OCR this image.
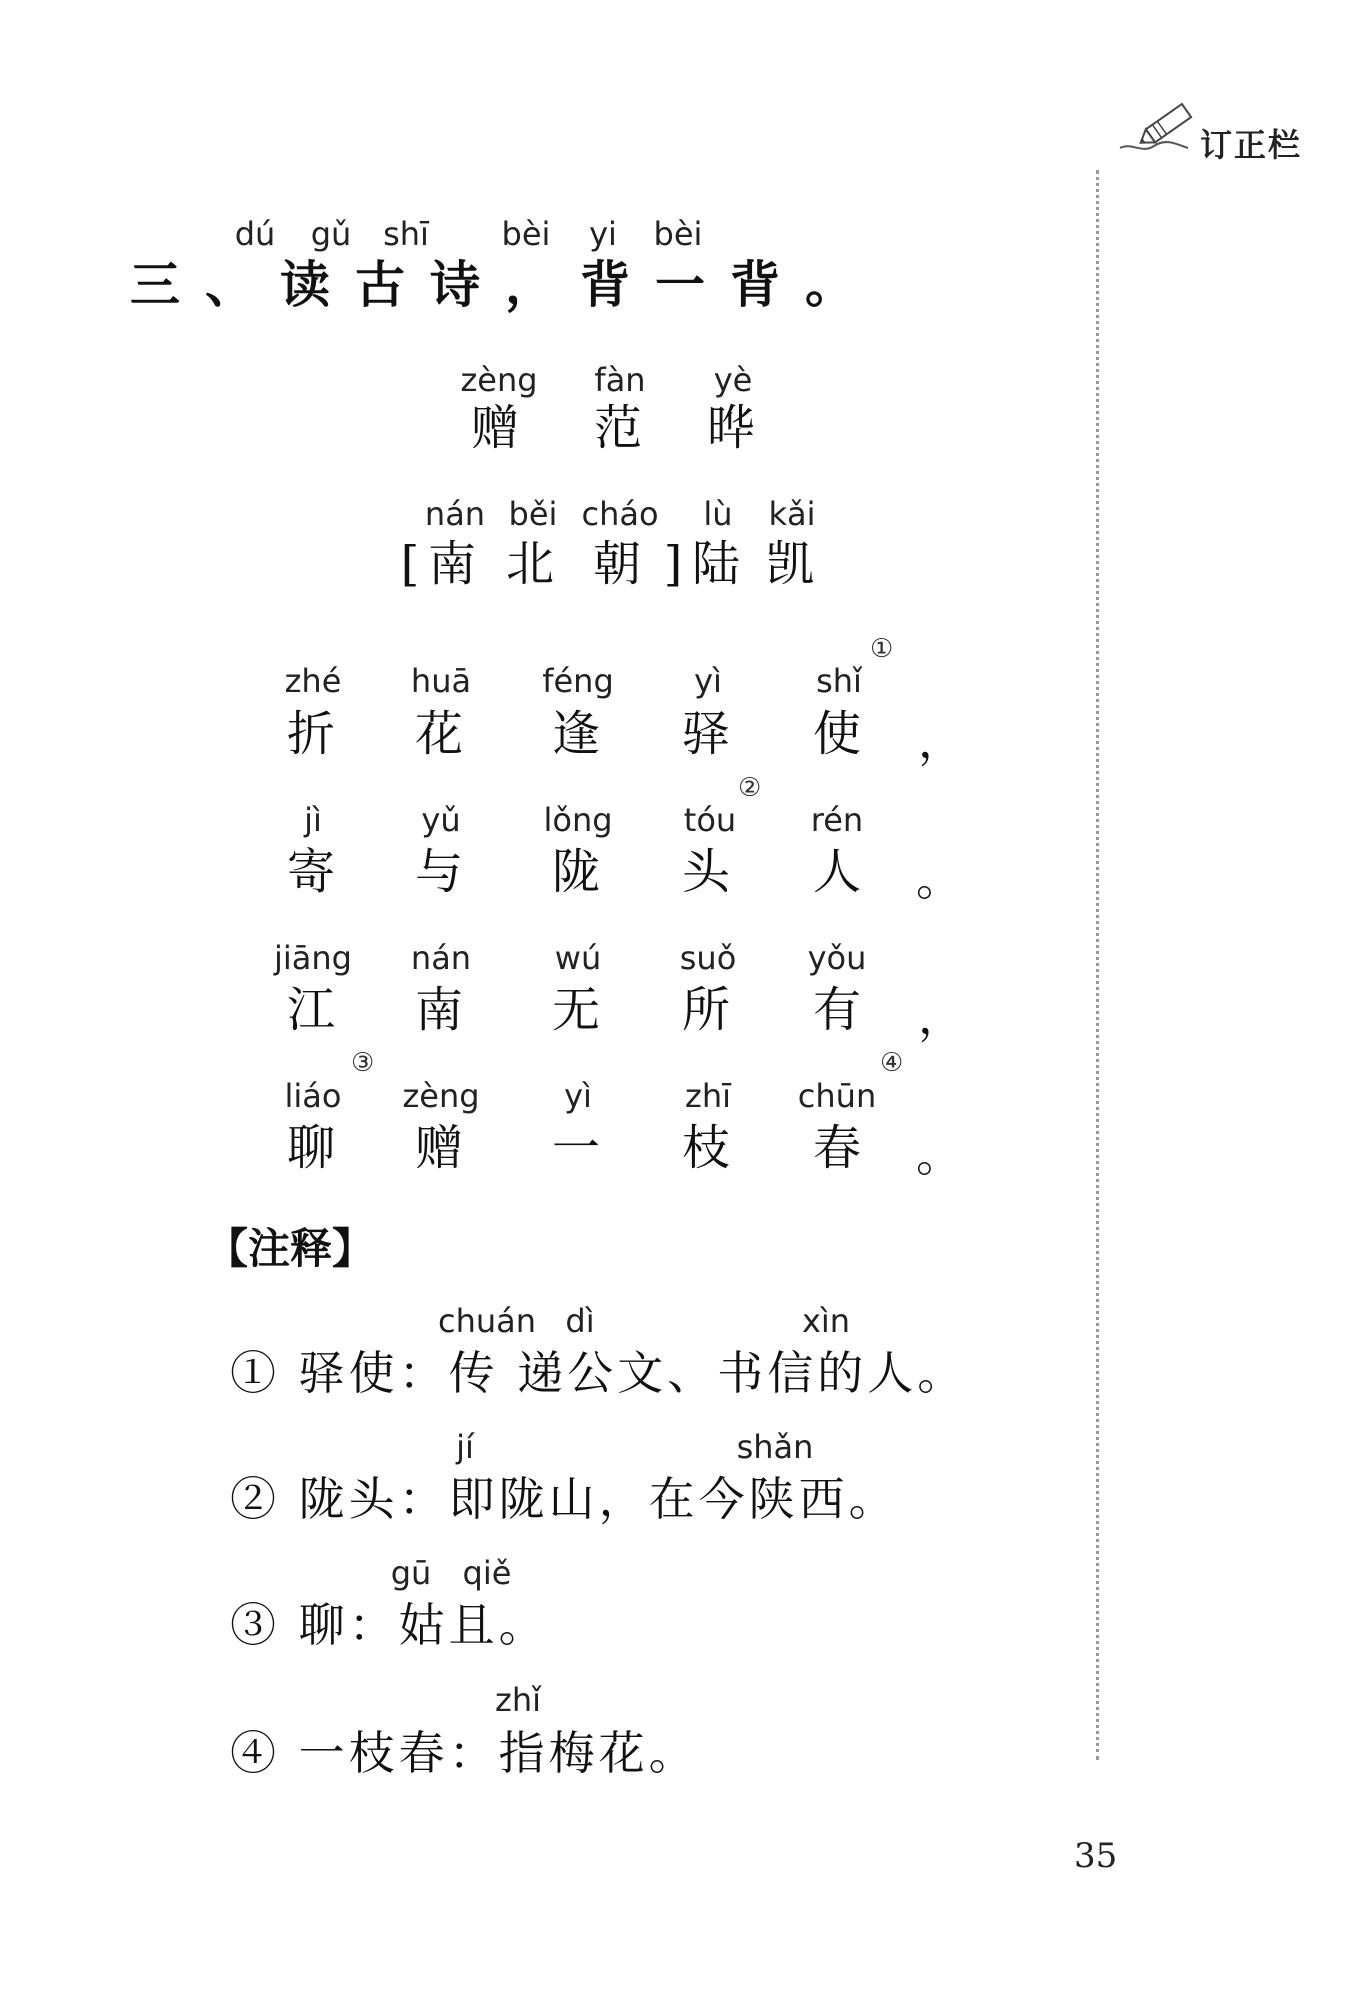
订正栏
dú gǔ shī bèi yi bèi
三、读古诗，背一背。
zèng fàn yè
赠 范 晔
nán běi cháo lù kǎi
[ 南 北 朝 ] 陆 凯
zhé huā féng	yì	shǐ
①
折 花 逢 驿 使 ，
jì	yǔ	lǒng tóu rén
②
寄 与 陇 头 人 。
jiāng nán	wú suǒ yǒu
江 南 无 所 有 ，
liáo zèng	yì	zhī chūn
③	④
聊 赠 一 枝 春 。
【注释】
chuán dì	xìn
① 驿使：传 递公文、书信的人。
jí	shǎn
② 陇头：即陇山，在今陕西。
gū qiě
③ 聊：姑且。
zhǐ
④ 一枝春：指梅花。
35
